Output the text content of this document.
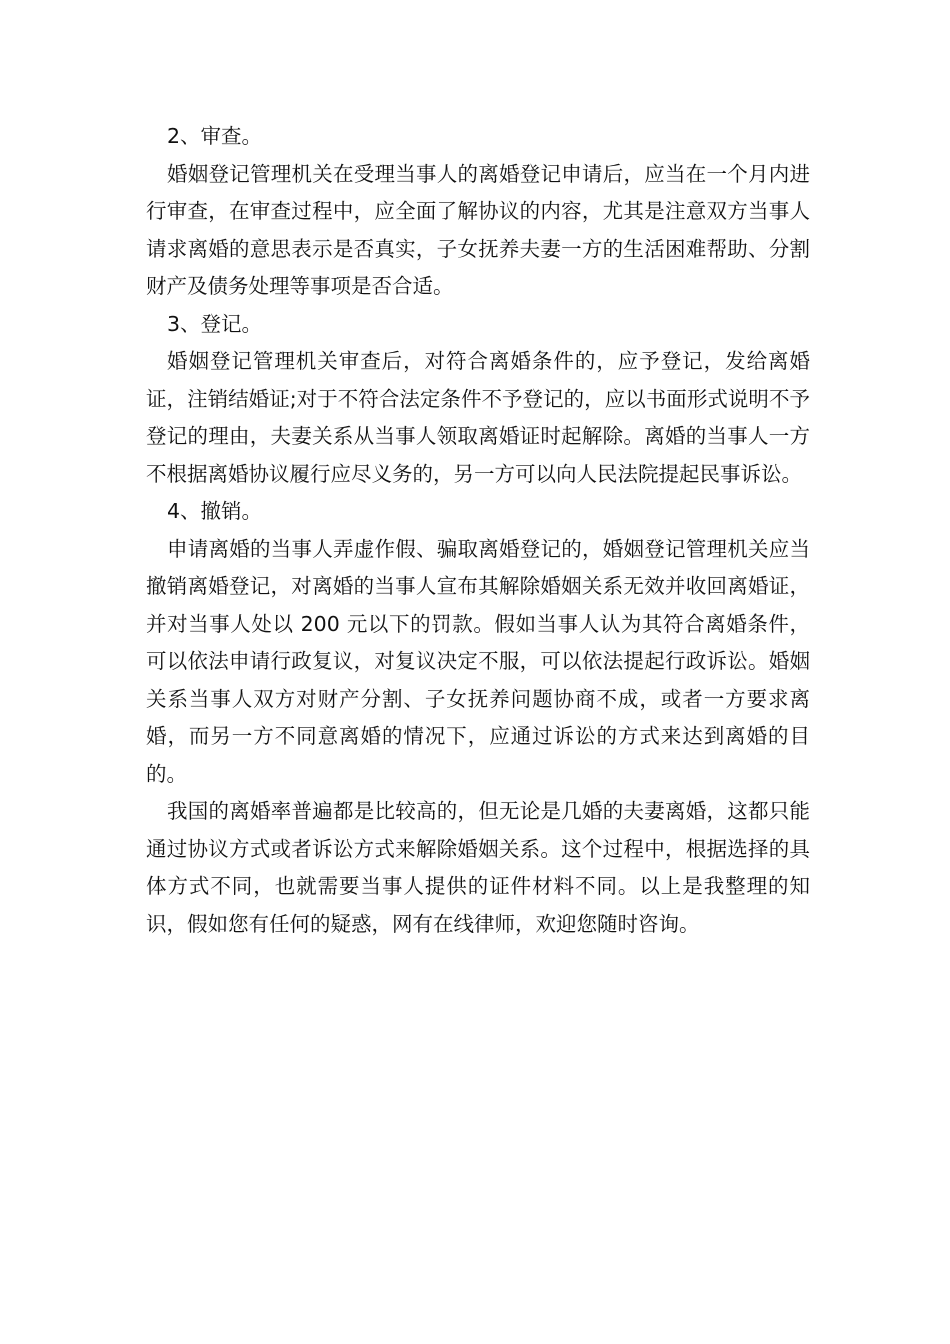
2、审查。

婚姻登记管理机关在受理当事人的离婚登记申请后，应当在一个月内进行审查，在审查过程中，应全面了解协议的内容，尤其是注意双方当事人请求离婚的意思表示是否真实，子女抚养夫妻一方的生活困难帮助、分割财产及债务处理等事项是否合适。

3、登记。

婚姻登记管理机关审查后，对符合离婚条件的，应予登记，发给离婚证，注销结婚证;对于不符合法定条件不予登记的，应以书面形式说明不予登记的理由，夫妻关系从当事人领取离婚证时起解除。离婚的当事人一方不根据离婚协议履行应尽义务的，另一方可以向人民法院提起民事诉讼。

4、撤销。

申请离婚的当事人弄虚作假、骗取离婚登记的，婚姻登记管理机关应当撤销离婚登记，对离婚的当事人宣布其解除婚姻关系无效并收回离婚证，并对当事人处以 200 元以下的罚款。假如当事人认为其符合离婚条件，可以依法申请行政复议，对复议决定不服，可以依法提起行政诉讼。婚姻关系当事人双方对财产分割、子女抚养问题协商不成，或者一方要求离婚，而另一方不同意离婚的情况下，应通过诉讼的方式来达到离婚的目的。

我国的离婚率普遍都是比较高的，但无论是几婚的夫妻离婚，这都只能通过协议方式或者诉讼方式来解除婚姻关系。这个过程中，根据选择的具体方式不同，也就需要当事人提供的证件材料不同。以上是我整理的知识，假如您有任何的疑惑，网有在线律师，欢迎您随时咨询。
